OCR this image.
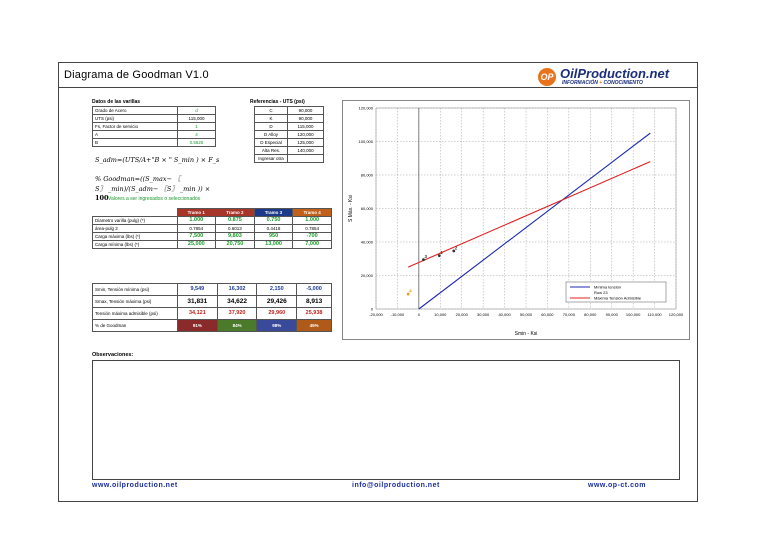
Diagrama de Goodman V1.0	OP OilProduction.net
INFORMACIÓN + CONOCIMIENTO
Datos de las varillas
Grado de Acero	d
UTS (psi)	115,000
Fs, Factor de servicio	1
A	4
B	0.5625
Referencias - UTS (psi)
C	90,000
K	90,000
D	115,000
D Alloy	120,000
D Especial	125,000
Alta Res.	140,000
Ingresar otra	
S_adm=(UTS/A+"B × " S_min ) × F_s
% Goodman=((S_max− 〖
S〗 _min)/(S_adm− 〖S〗 _min )) ×
100 Valores a ser ingresados o seleccionados
	Tramo 1	Tramo 2	Tramo 3	Tramo 4
Diametro varilla (pulg) (*)	1.000	0.875	0.750	1.000
área-pulg 2	0.7854	0.6013	0.4418	0.7854
Carga máxima (lbs) (*)	7,500	9,803	950	-700
Carga mínima (lbs) (*)	25,000	20,750	13,000	7,000
Smin, Tensión mínima (psi)	9,549	16,302	2,150	-5,000
Smax, Tensión máxima (psi)	31,831	34,622	29,426	8,913
Tensión máxima admisible (psi)	34,121	37,920	29,960	25,938
% de Goodman	91%	84%	98%	45%
0
20,000
40,000
60,000
80,000
100,000
120,000
-20,000 -10,000	0	10,000 20,000 30,000 40,000 50,000 60,000 70,000 80,000 90,000 100,000 110,000 120,000
1
2
3
4
Smin - Ksi
S Máx. - Ksi
Mínima tensión
Row 23
Máxima Tensión Admisible
Observaciones:
www.oilproduction.net	info@oilproduction.net	www.op-ct.com
